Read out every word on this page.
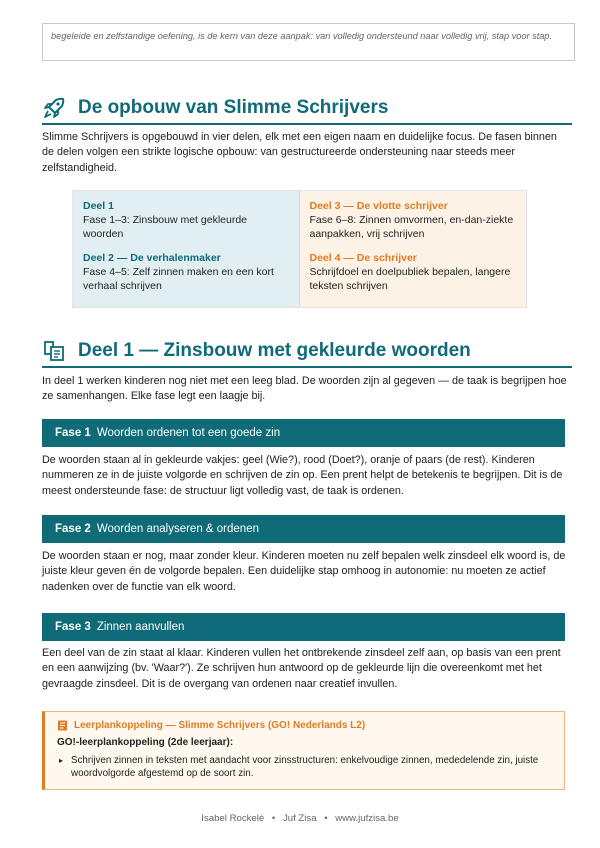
begeleide en zelfstandige oefening, is de kern van deze aanpak: van volledig ondersteund naar volledig vrij, stap voor stap.
De opbouw van Slimme Schrijvers
Slimme Schrijvers is opgebouwd in vier delen, elk met een eigen naam en duidelijke focus. De fasen binnen de delen volgen een strikte logische opbouw: van gestructureerde ondersteuning naar steeds meer zelfstandigheid.
Deel 1
Fase 1–3: Zinsbouw met gekleurde woorden
Deel 2 — De verhalenmaker
Fase 4–5: Zelf zinnen maken en een kort verhaal schrijven
Deel 3 — De vlotte schrijver
Fase 6–8: Zinnen omvormen, en-dan-ziekte aanpakken, vrij schrijven
Deel 4 — De schrijver
Schrijfdoel en doelpubliek bepalen, langere teksten schrijven
Deel 1 — Zinsbouw met gekleurde woorden
In deel 1 werken kinderen nog niet met een leeg blad. De woorden zijn al gegeven — de taak is begrijpen hoe ze samenhangen. Elke fase legt een laagje bij.
Fase 1 Woorden ordenen tot een goede zin
De woorden staan al in gekleurde vakjes: geel (Wie?), rood (Doet?), oranje of paars (de rest). Kinderen nummeren ze in de juiste volgorde en schrijven de zin op. Een prent helpt de betekenis te begrijpen. Dit is de meest ondersteunde fase: de structuur ligt volledig vast, de taak is ordenen.
Fase 2 Woorden analyseren & ordenen
De woorden staan er nog, maar zonder kleur. Kinderen moeten nu zelf bepalen welk zinsdeel elk woord is, de juiste kleur geven én de volgorde bepalen. Een duidelijke stap omhoog in autonomie: nu moeten ze actief nadenken over de functie van elk woord.
Fase 3 Zinnen aanvullen
Een deel van de zin staat al klaar. Kinderen vullen het ontbrekende zinsdeel zelf aan, op basis van een prent en een aanwijzing (bv. 'Waar?'). Ze schrijven hun antwoord op de gekleurde lijn die overeenkomt met het gevraagde zinsdeel. Dit is de overgang van ordenen naar creatief invullen.
Leerplankoppeling — Slimme Schrijvers (GO! Nederlands L2)
GO!-leerplankoppeling (2de leerjaar):
▸ Schrijven zinnen in teksten met aandacht voor zinsstructuren: enkelvoudige zinnen, mededelende zin, juiste woordvolgorde afgestemd op de soort zin.
Isabel Rockelé • Juf Zisa • www.jufzisa.be
